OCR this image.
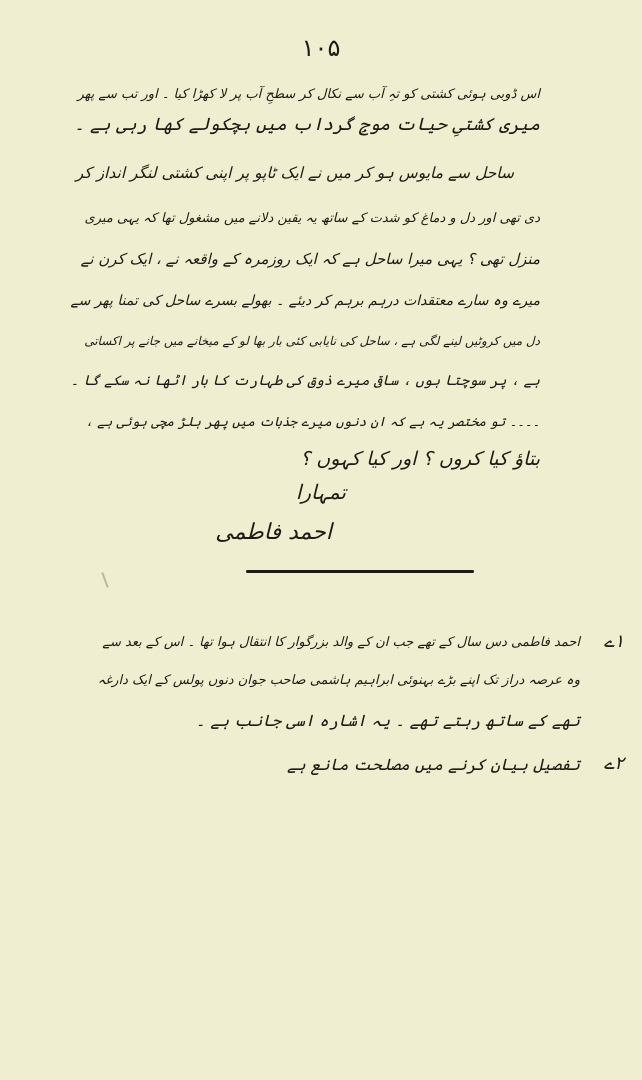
۱۰۵
اس ڈوبی ہوئی کشتی کو تہِ آب سے نکال کر سطحِ آب پر لا کھڑا کیا ۔ اور تب سے پھر
میری کشتیِ حیات موجِ گرداب میں ہچکولے کھا رہی ہے ۔
ساحل سے مایوس ہو کر میں نے ایک ٹاپو پر اپنی کشتی لنگر انداز کر
دی تھی اور دل و دماغ کو شدت کے ساتھ یہ یقین دلانے میں مشغول تھا کہ یہی میری
منزل تھی ؟ یہی میرا ساحل ہے کہ ایک روزمرہ کے واقعہ نے ، ایک کرن نے
میرے وہ سارے معتقدات درہم برہم کر دیئے ۔ بھولے بسرے ساحل کی تمنا پھر سے
دل میں کروٹیں لینے لگی ہے ، ساحل کی نایابی کئی بار بھا لو کے میخانے میں جانے پر اکساتی
ہے ، پر سوچتا ہوں ، ساقی میرے ذوق کی طہارت کا بار اٹھا نہ سکے گا ۔
۔۔۔۔ تو مختصر یہ ہے کہ ان دنوں میرے جذبات میں پھر ہلڑ مچی ہوئی ہے ،
بتاؤ کیا کروں ؟ اور کیا کہوں ؟
تمہارا
احمد فاطمی
۱ے
احمد فاطمی دس سال کے تھے جب ان کے والد بزرگوار کا انتقال ہوا تھا ۔ اس کے بعد سے
وہ عرصہ دراز تک اپنے بڑے بہنوئی ابراہیم ہاشمی صاحب جوان دنوں پولس کے ایک دارغہ
تھے کے ساتھ رہتے تھے ۔ یہ اشارہ اسی جانب ہے ۔
۲ے
تفصیل بیان کرنے میں مصلحت مانع ہے
